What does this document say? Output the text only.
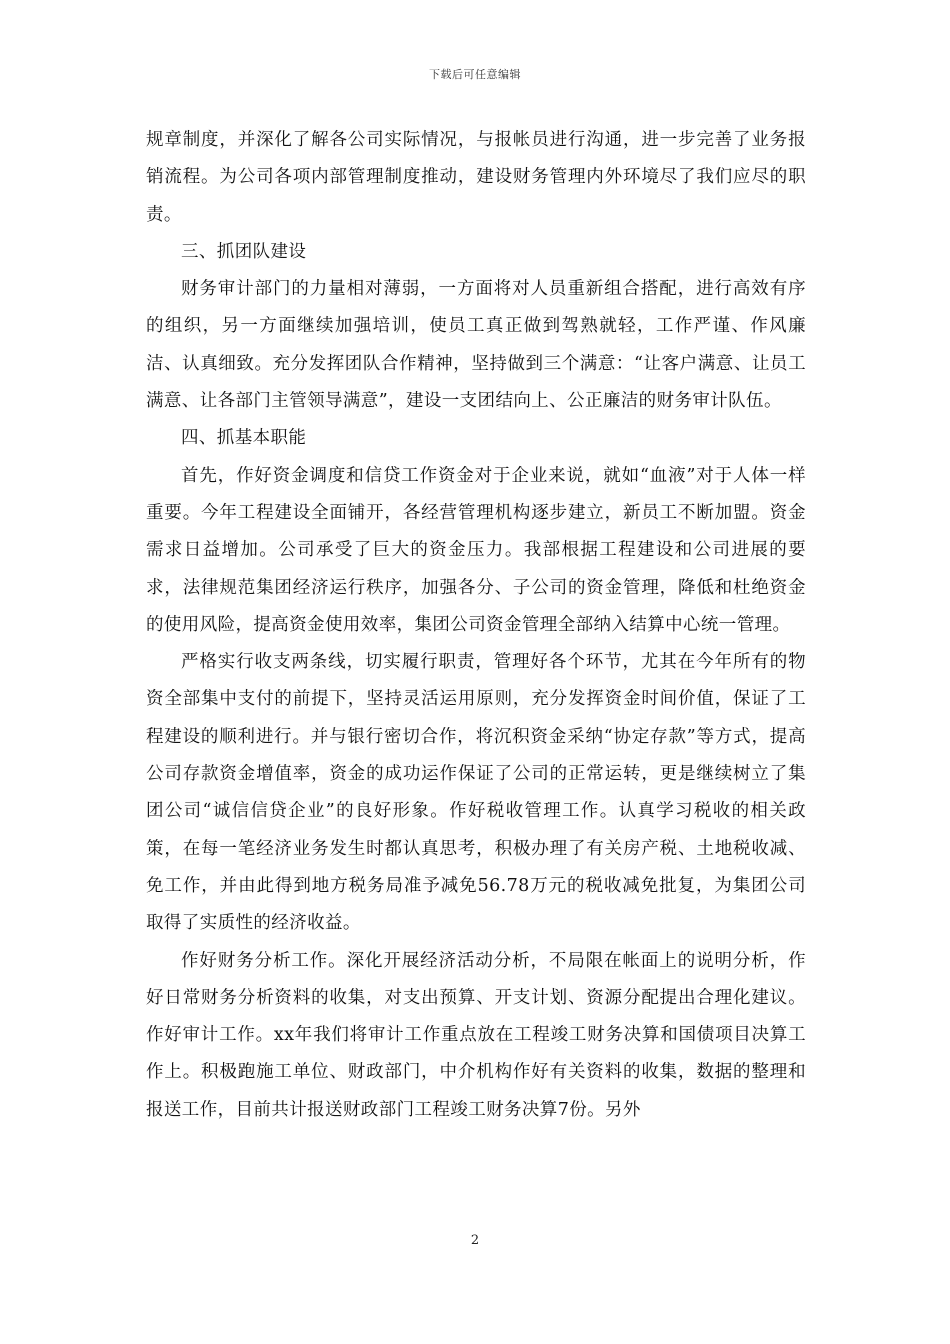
下载后可任意编辑

规章制度，并深化了解各公司实际情况，与报帐员进行沟通，进一步完善了业务报销流程。为公司各项内部管理制度推动，建设财务管理内外环境尽了我们应尽的职责。

三、抓团队建设

财务审计部门的力量相对薄弱，一方面将对人员重新组合搭配，进行高效有序的组织，另一方面继续加强培训，使员工真正做到驾熟就轻，工作严谨、作风廉洁、认真细致。充分发挥团队合作精神，坚持做到三个满意：“让客户满意、让员工满意、让各部门主管领导满意”，建设一支团结向上、公正廉洁的财务审计队伍。

四、抓基本职能

首先，作好资金调度和信贷工作资金对于企业来说，就如“血液”对于人体一样重要。今年工程建设全面铺开，各经营管理机构逐步建立，新员工不断加盟。资金需求日益增加。公司承受了巨大的资金压力。我部根据工程建设和公司进展的要求，法律规范集团经济运行秩序，加强各分、子公司的资金管理，降低和杜绝资金的使用风险，提高资金使用效率，集团公司资金管理全部纳入结算中心统一管理。

严格实行收支两条线，切实履行职责，管理好各个环节，尤其在今年所有的物资全部集中支付的前提下，坚持灵活运用原则，充分发挥资金时间价值，保证了工程建设的顺利进行。并与银行密切合作，将沉积资金采纳“协定存款”等方式，提高公司存款资金增值率，资金的成功运作保证了公司的正常运转，更是继续树立了集团公司“诚信信贷企业”的良好形象。作好税收管理工作。认真学习税收的相关政策，在每一笔经济业务发生时都认真思考，积极办理了有关房产税、土地税收减、免工作，并由此得到地方税务局准予减免56.78万元的税收减免批复，为集团公司取得了实质性的经济收益。

作好财务分析工作。深化开展经济活动分析，不局限在帐面上的说明分析，作好日常财务分析资料的收集，对支出预算、开支计划、资源分配提出合理化建议。作好审计工作。xx年我们将审计工作重点放在工程竣工财务决算和国债项目决算工作上。积极跑施工单位、财政部门，中介机构作好有关资料的收集，数据的整理和报送工作，目前共计报送财政部门工程竣工财务决算7份。另外

2
